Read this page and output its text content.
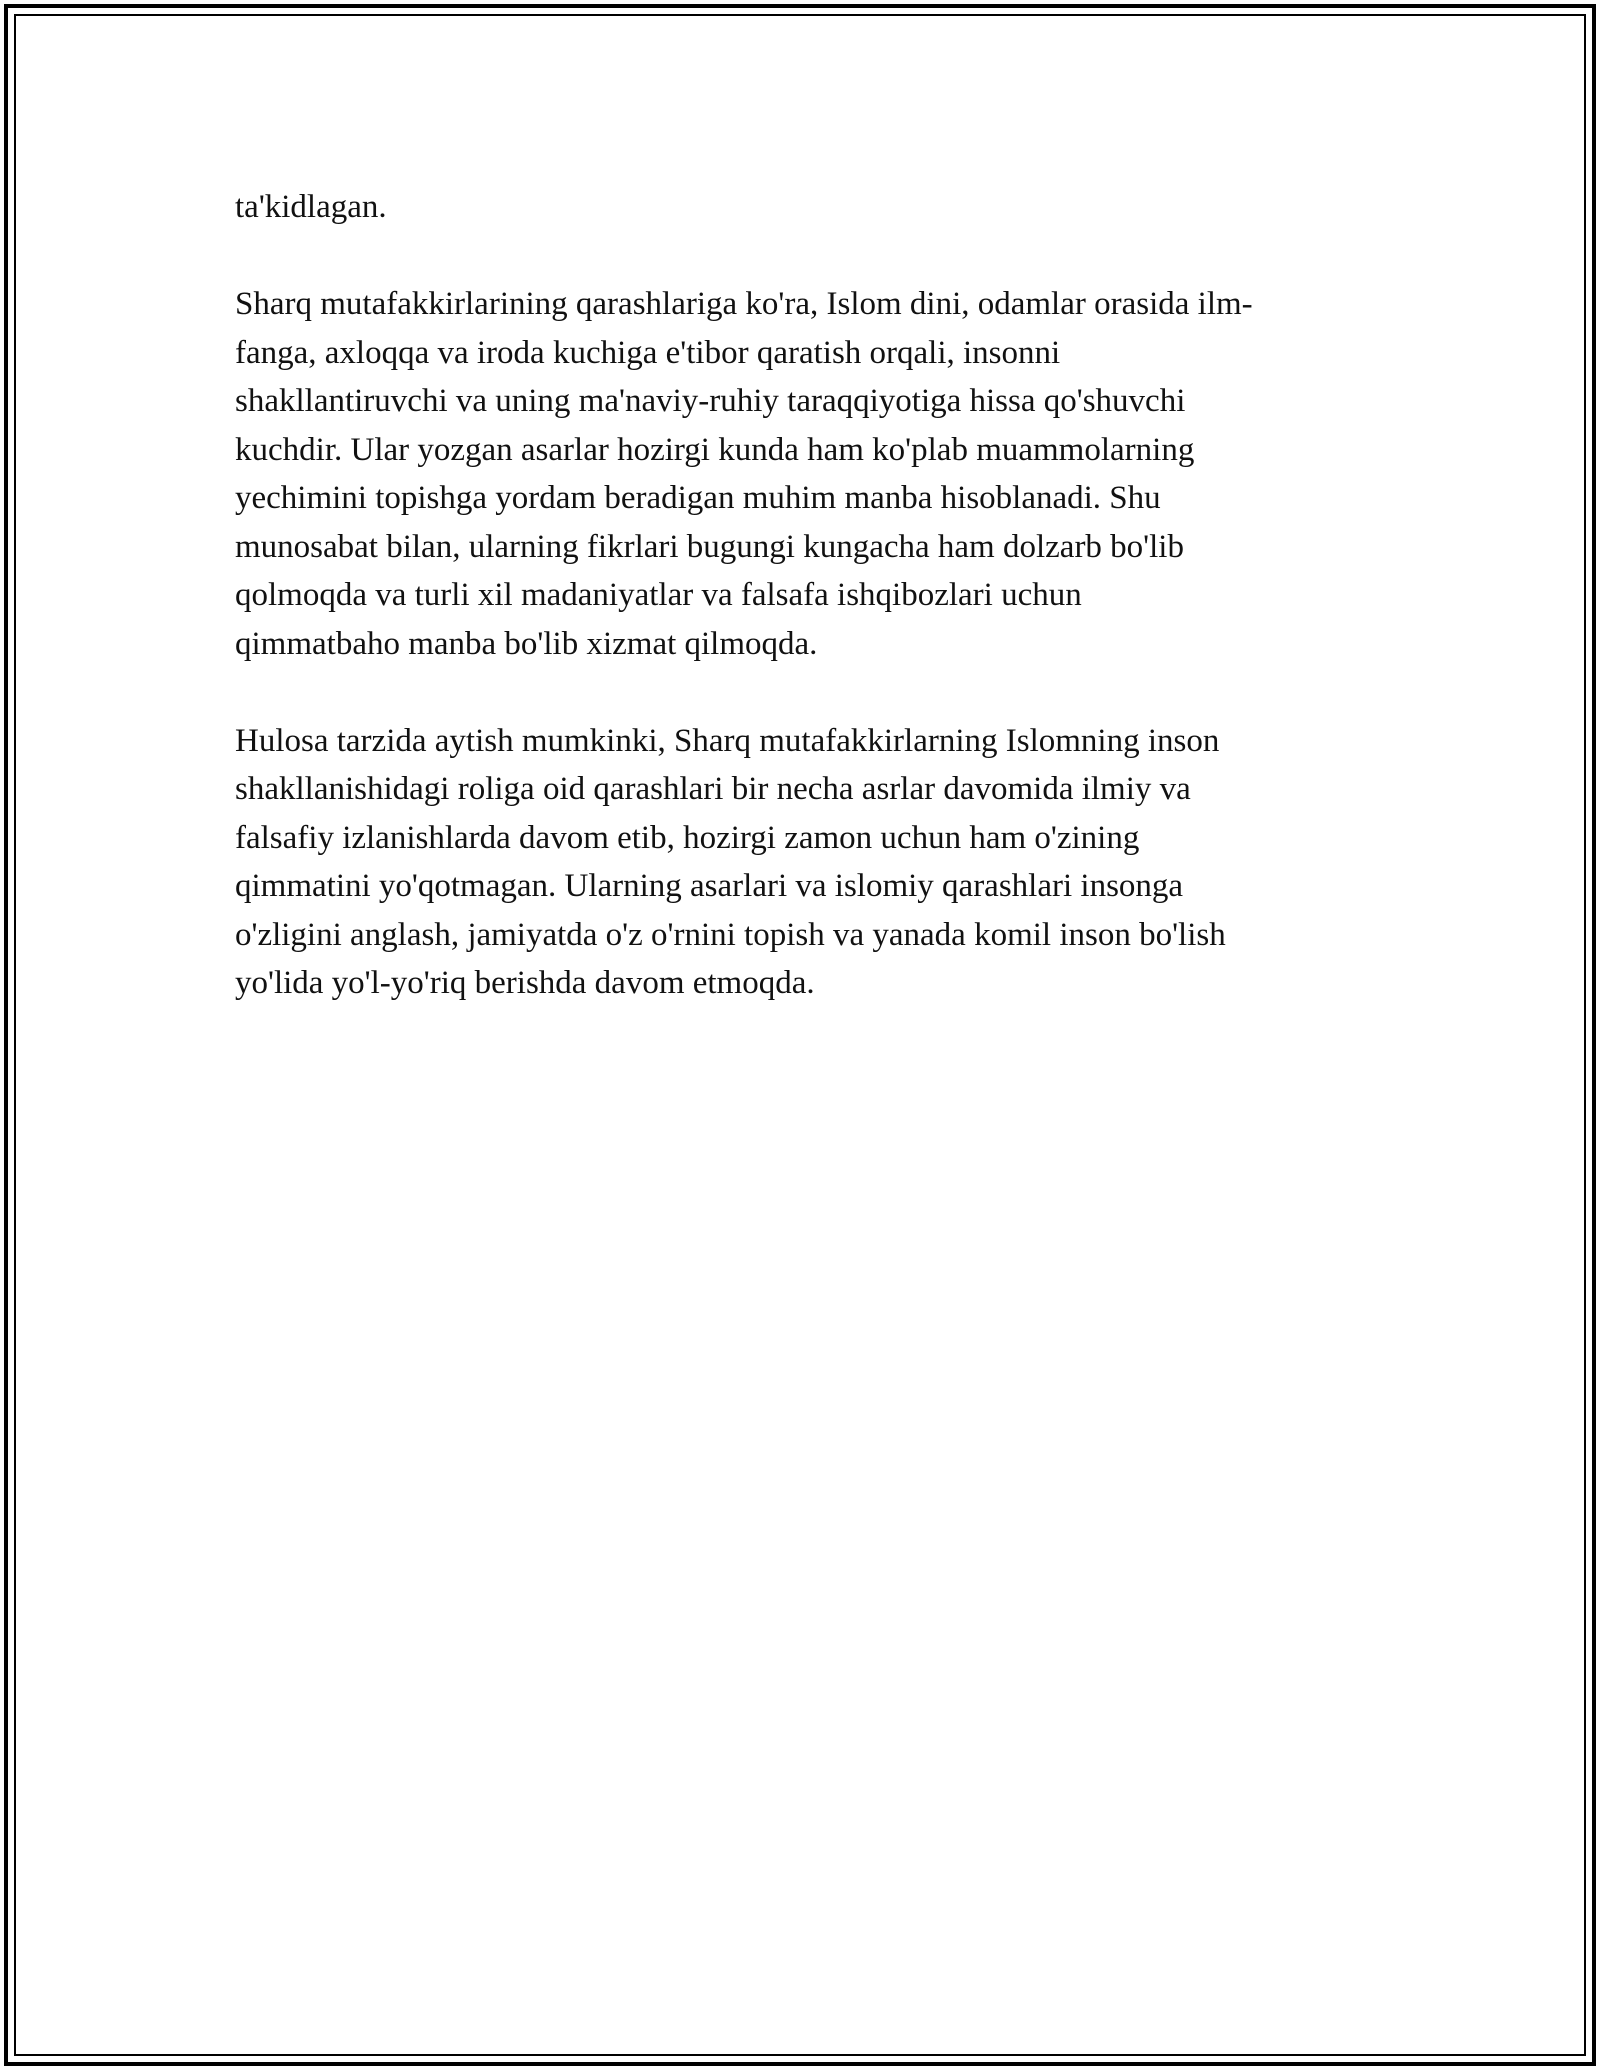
ta'kidlagan.

Sharq mutafakkirlarining qarashlariga ko'ra, Islom dini, odamlar orasida ilm-
fanga, axloqqa va iroda kuchiga e'tibor qaratish orqali, insonni
shakllantiruvchi va uning ma'naviy-ruhiy taraqqiyotiga hissa qo'shuvchi
kuchdir. Ular yozgan asarlar hozirgi kunda ham ko'plab muammolarning
yechimini topishga yordam beradigan muhim manba hisoblanadi. Shu
munosabat bilan, ularning fikrlari bugungi kungacha ham dolzarb bo'lib
qolmoqda va turli xil madaniyatlar va falsafa ishqibozlari uchun
qimmatbaho manba bo'lib xizmat qilmoqda.

Hulosa tarzida aytish mumkinki, Sharq mutafakkirlarning Islomning inson
shakllanishidagi roliga oid qarashlari bir necha asrlar davomida ilmiy va
falsafiy izlanishlarda davom etib, hozirgi zamon uchun ham o'zining
qimmatini yo'qotmagan. Ularning asarlari va islomiy qarashlari insonga
o'zligini anglash, jamiyatda o'z o'rnini topish va yanada komil inson bo'lish
yo'lida yo'l-yo'riq berishda davom etmoqda.
